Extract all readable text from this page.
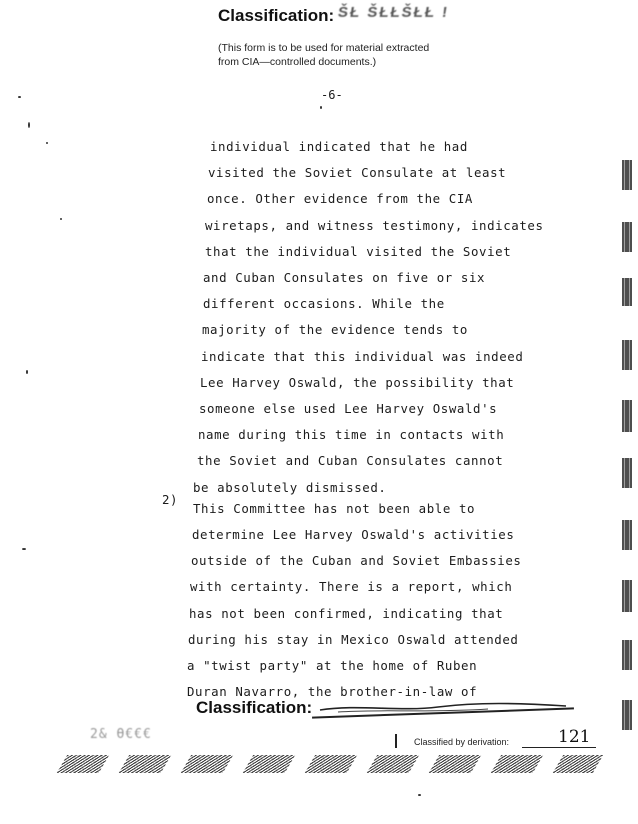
Classification: ŠŁ ŠŁŁŠŁŁ !
(This form is to be used for material extracted
from CIA—controlled documents.)
-6-
individual indicated that he had
visited the Soviet Consulate at least
once. Other evidence from the CIA
wiretaps, and witness testimony, indicates
that the individual visited the Soviet
and Cuban Consulates on five or six
different occasions. While the
majority of the evidence tends to
indicate that this individual was indeed
Lee Harvey Oswald, the possibility that
someone else used Lee Harvey Oswald's
name during this time in contacts with
the Soviet and Cuban Consulates cannot
be absolutely dismissed.
This Committee has not been able to
determine Lee Harvey Oswald's activities
outside of the Cuban and Soviet Embassies
with certainty. There is a report, which
has not been confirmed, indicating that
during his stay in Mexico Oswald attended
a "twist party" at the home of Ruben
Duran Navarro, the brother-in-law of
2)
Classification:
2& Ө€€€	Classified by derivation:	121
